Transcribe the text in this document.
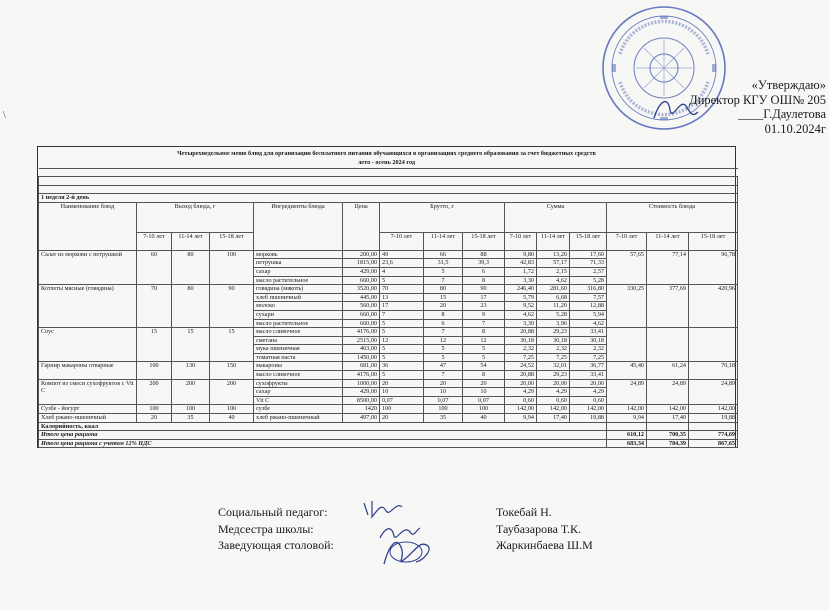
«Утверждаю»
Директор КГУ ОШ№ 205
____Г.Даулетова
01.10.2024г
\
Четырехнедельное меню блюд для организации бесплатного питания обучающихся в организациях среднего образования за счет бюджетных средств
лето - осень 2024 год

1 неделя 2-й день														
Наименование блюд	Выход блюда, г			Ингредиенты блюда	Цена	Брутто, г			Сумма			Стоимость блюда		
	7-10 лет	11-14 лет	15-18 лет			7-10 лет	11-14 лет	15-18 лет	7-10 лет	11-14 лет	15-18 лет	7-10 лет	11-14 лет	15-18 лет
Салат из моркови с петрушкой	60	80	100	морковь	200,00	49	66	88	9,80	13,20	17,60	57,65	77,14	96,78
				петрушка	1815,00	23,6	31,5	39,3	42,83	57,17	71,33			
				сахар	429,00	4	5	6	1,72	2,15	2,57			
				масло растительное	660,00	5	7	8	3,30	4,62	5,28			
Котлеты мясные (говядина)	70	80	90	говядина (мякоть)	3520,00	70	80	90	246,40	281,60	316,80	330,25	377,69	420,96
				хлеб пшеничный	445,00	13	15	17	5,79	6,68	7,57			
				молоко	560,00	17	20	23	9,52	11,20	12,88			
				сухари	660,00	7	8	9	4,62	5,28	5,94			
				масло растительное	660,00	5	6	7	3,30	3,96	4,62			
Соус	15	15	15	масло сливочное	4176,00	5	7	8	20,88	29,23	33,41			
				сметана	2515,00	12	12	12	30,18	30,18	30,18			
				мука пшеничная	463,00	5	5	5	2,32	2,32	2,32			
				томатная паста	1450,00	5	5	5	7,25	7,25	7,25			
Гарнир макароны отварные	100	130	150	макароны	681,00	36	47	54	24,52	32,01	36,77	45,40	61,24	70,18
				масло сливочное	4176,00	5	7	8	20,88	29,23	33,41			
Компот из смеси сухофруктов с Vit C	200	200	200	сухофрукты	1000,00	20	20	20	20,00	20,00	20,00	24,89	24,89	24,89
				сахар	429,00	10	10	10	4,29	4,29	4,29			
				Vit C	8500,00	0,07	0,07	0,07	0,60	0,60	0,60			
Сузбе́ - йогурт	100	100	100	сузбе	1420	100	100	100	142,00	142,00	142,00	142,00	142,00	142,00
Хлеб ржано-пшеничный	20	35	40	хлеб ржано-пшеничный	497,00	20	35	40	9,94	17,40	19,88	9,94	17,40	19,88
Калорийность, ккал														
Итого цена рациона												610,12	700,35	774,69
Итого цена рациона с учетом 12% НДС												683,34	784,39	867,65
Социальный педагог:	Токебай Н.
Медсестра школы:	Таубазарова Т.К.
Заведующая столовой:	Жаркинбаева Ш.М
